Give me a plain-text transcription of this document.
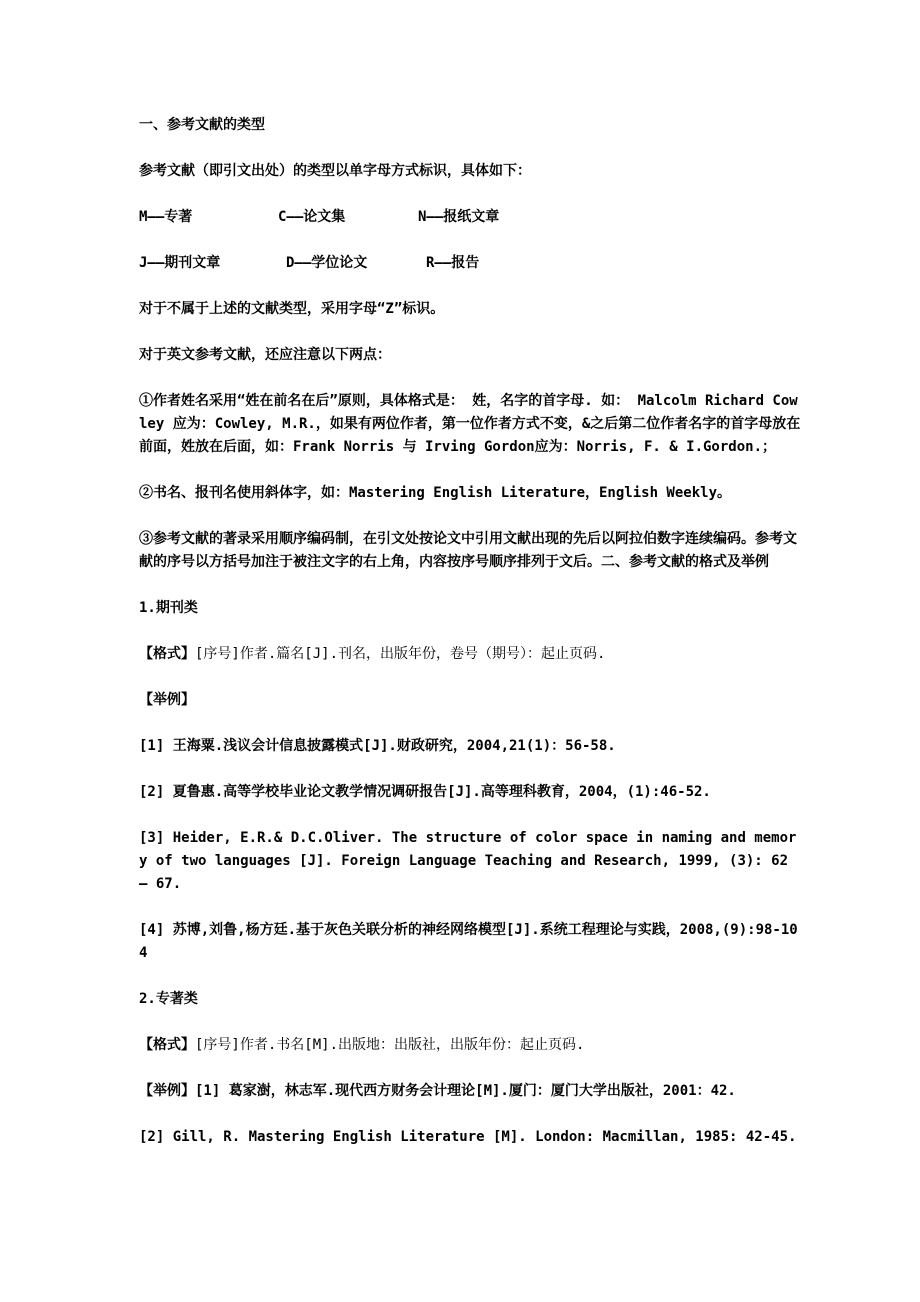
一、参考文献的类型

参考文献（即引文出处）的类型以单字母方式标识，具体如下：

M——专著	C——论文集	N——报纸文章
J——期刊文章	D——学位论文	R——报告

对于不属于上述的文献类型，采用字母“Z”标识。

对于英文参考文献，还应注意以下两点：

①作者姓名采用“姓在前名在后”原则，具体格式是： 姓，名字的首字母. 如： Malcolm Richard Cowley 应为：Cowley, M.R.，如果有两位作者，第一位作者方式不变，&之后第二位作者名字的首字母放在前面，姓放在后面，如：Frank Norris 与 Irving Gordon应为：Norris, F. & I.Gordon.；

②书名、报刊名使用斜体字，如：Mastering English Literature，English Weekly。

③参考文献的著录采用顺序编码制，在引文处按论文中引用文献出现的先后以阿拉伯数字连续编码。参考文献的序号以方括号加注于被注文字的右上角，内容按序号顺序排列于文后。二、参考文献的格式及举例

1.期刊类

【格式】[序号]作者.篇名[J].刊名，出版年份，卷号（期号）：起止页码.

【举例】

[1] 王海粟.浅议会计信息披露模式[J].财政研究，2004,21(1)：56-58.

[2] 夏鲁惠.高等学校毕业论文教学情况调研报告[J].高等理科教育，2004，(1):46-52.

[3] Heider, E.R.& D.C.Oliver. The structure of color space in naming and memory of two languages [J]. Foreign Language Teaching and Research, 1999, (3): 62 – 67.

[4] 苏博,刘鲁,杨方廷.基于灰色关联分析的神经网络模型[J].系统工程理论与实践，2008,(9):98-104

2.专著类

【格式】[序号]作者.书名[M].出版地：出版社，出版年份：起止页码.

【举例】[1] 葛家澍，林志军.现代西方财务会计理论[M].厦门：厦门大学出版社，2001：42.

[2] Gill, R. Mastering English Literature [M]. London: Macmillan, 1985: 42-45.
